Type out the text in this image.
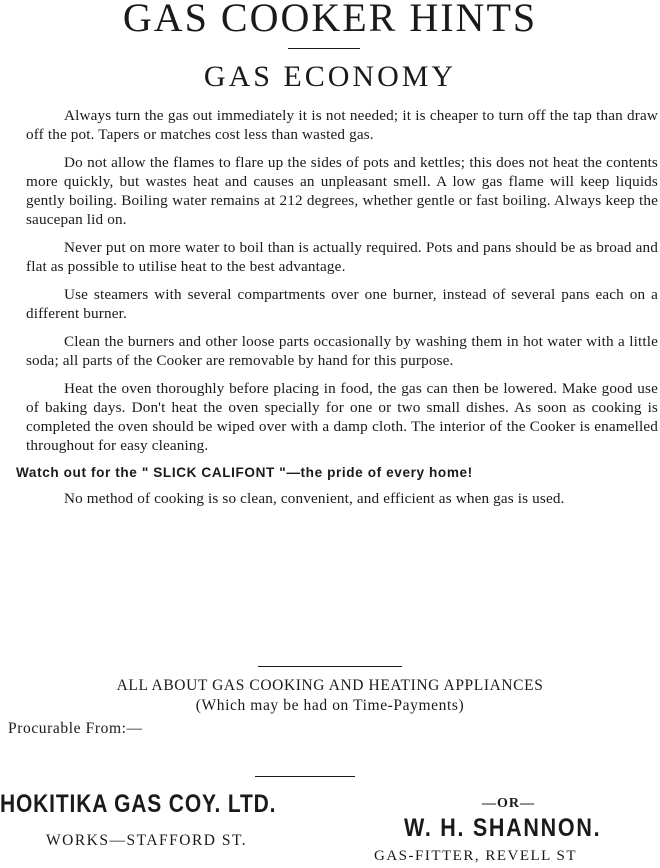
GAS COOKER HINTS
GAS ECONOMY

Always turn the gas out immediately it is not needed; it is cheaper to turn off the tap than draw off the pot. Tapers or matches cost less than wasted gas.

Do not allow the flames to flare up the sides of pots and kettles; this does not heat the contents more quickly, but wastes heat and causes an unpleasant smell. A low gas flame will keep liquids gently boiling. Boiling water remains at 212 degrees, whether gentle or fast boiling. Always keep the saucepan lid on.

Never put on more water to boil than is actually required. Pots and pans should be as broad and flat as possible to utilise heat to the best advantage.

Use steamers with several compartments over one burner, instead of several pans each on a different burner.

Clean the burners and other loose parts occasionally by washing them in hot water with a little soda; all parts of the Cooker are removable by hand for this purpose.

Heat the oven thoroughly before placing in food, the gas can then be lowered. Make good use of baking days. Don't heat the oven specially for one or two small dishes. As soon as cooking is completed the oven should be wiped over with a damp cloth. The interior of the Cooker is enamelled throughout for easy cleaning.

Watch out for the " SLICK CALIFONT "—the pride of every home!

No method of cooking is so clean, convenient, and efficient as when gas is used.

ALL ABOUT GAS COOKING AND HEATING APPLIANCES
(Which may be had on Time-Payments)
Procurable From:—
HOKITIKA GAS COY. LTD.
WORKS—STAFFORD ST.
—OR—
W. H. SHANNON.
GAS-FITTER, REVELL ST
